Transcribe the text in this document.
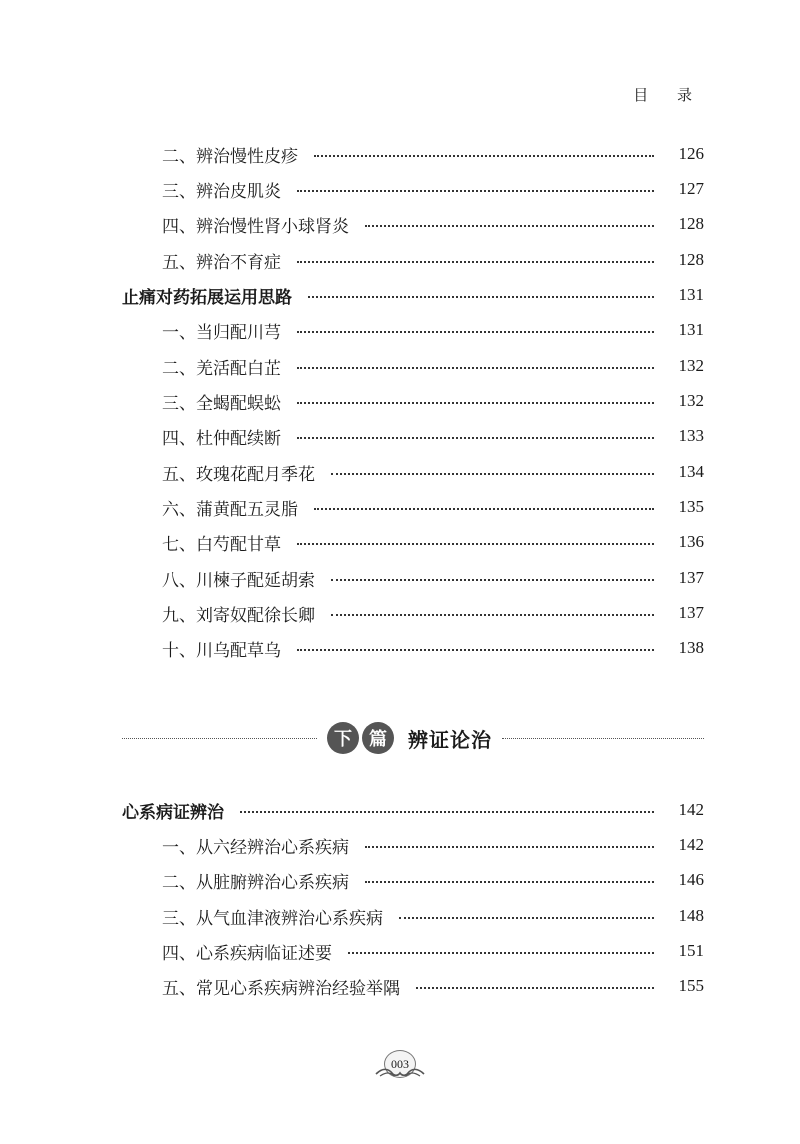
目 录
二、辨治慢性皮疹	126
三、辨治皮肌炎	127
四、辨治慢性肾小球肾炎	128
五、辨治不育症	128
止痛对药拓展运用思路	131
一、当归配川芎	131
二、羌活配白芷	132
三、全蝎配蜈蚣	132
四、杜仲配续断	133
五、玫瑰花配月季花	134
六、蒲黄配五灵脂	135
七、白芍配甘草	136
八、川楝子配延胡索	137
九、刘寄奴配徐长卿	137
十、川乌配草乌	138
下 篇	辨证论治
心系病证辨治	142
一、从六经辨治心系疾病	142
二、从脏腑辨治心系疾病	146
三、从气血津液辨治心系疾病	148
四、心系疾病临证述要	151
五、常见心系疾病辨治经验举隅	155
003
